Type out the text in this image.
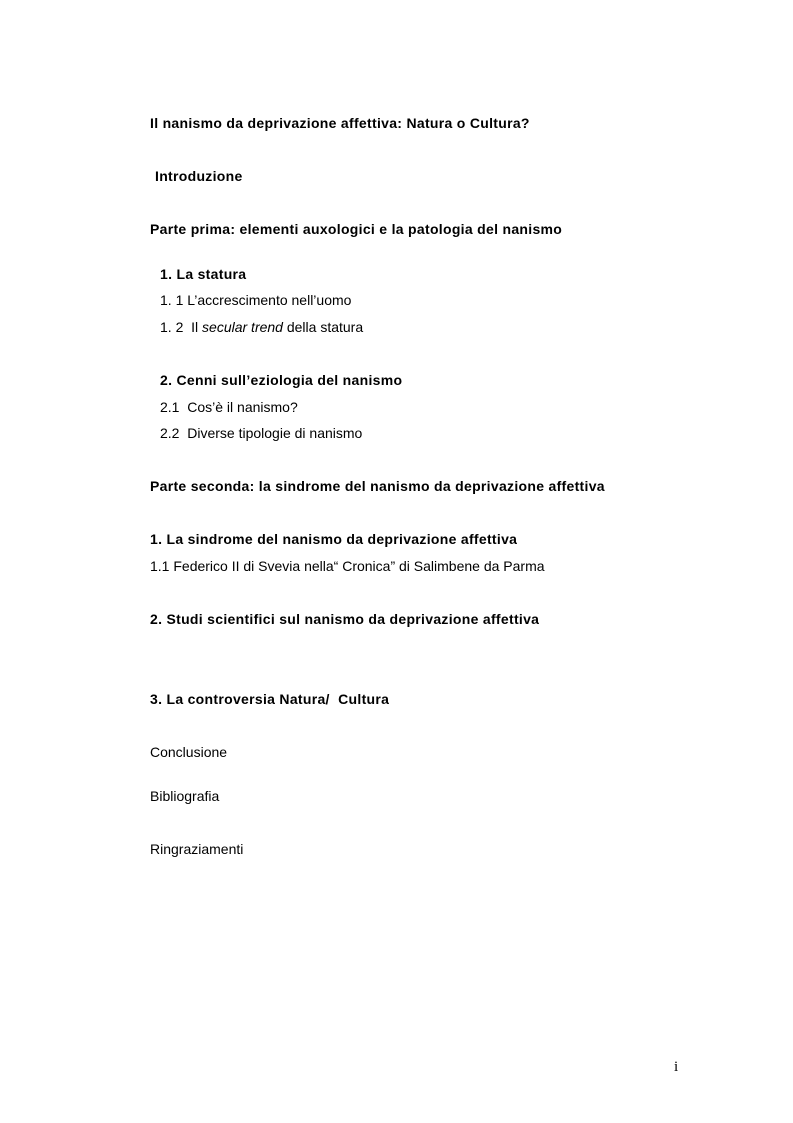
Il nanismo da deprivazione affettiva: Natura o Cultura?
Introduzione
Parte prima: elementi auxologici e la patologia del nanismo
1. La statura
1. 1 L’accrescimento nell’uomo
1. 2  Il secular trend della statura
2. Cenni sull’eziologia del nanismo
2.1  Cos’è il nanismo?
2.2  Diverse tipologie di nanismo
Parte seconda: la sindrome del nanismo da deprivazione affettiva
1. La sindrome del nanismo da deprivazione affettiva
1.1 Federico II di Svevia nella“ Cronica” di Salimbene da Parma
2. Studi scientifici sul nanismo da deprivazione affettiva
3. La controversia Natura/  Cultura
Conclusione
Bibliografia
Ringraziamenti
i
